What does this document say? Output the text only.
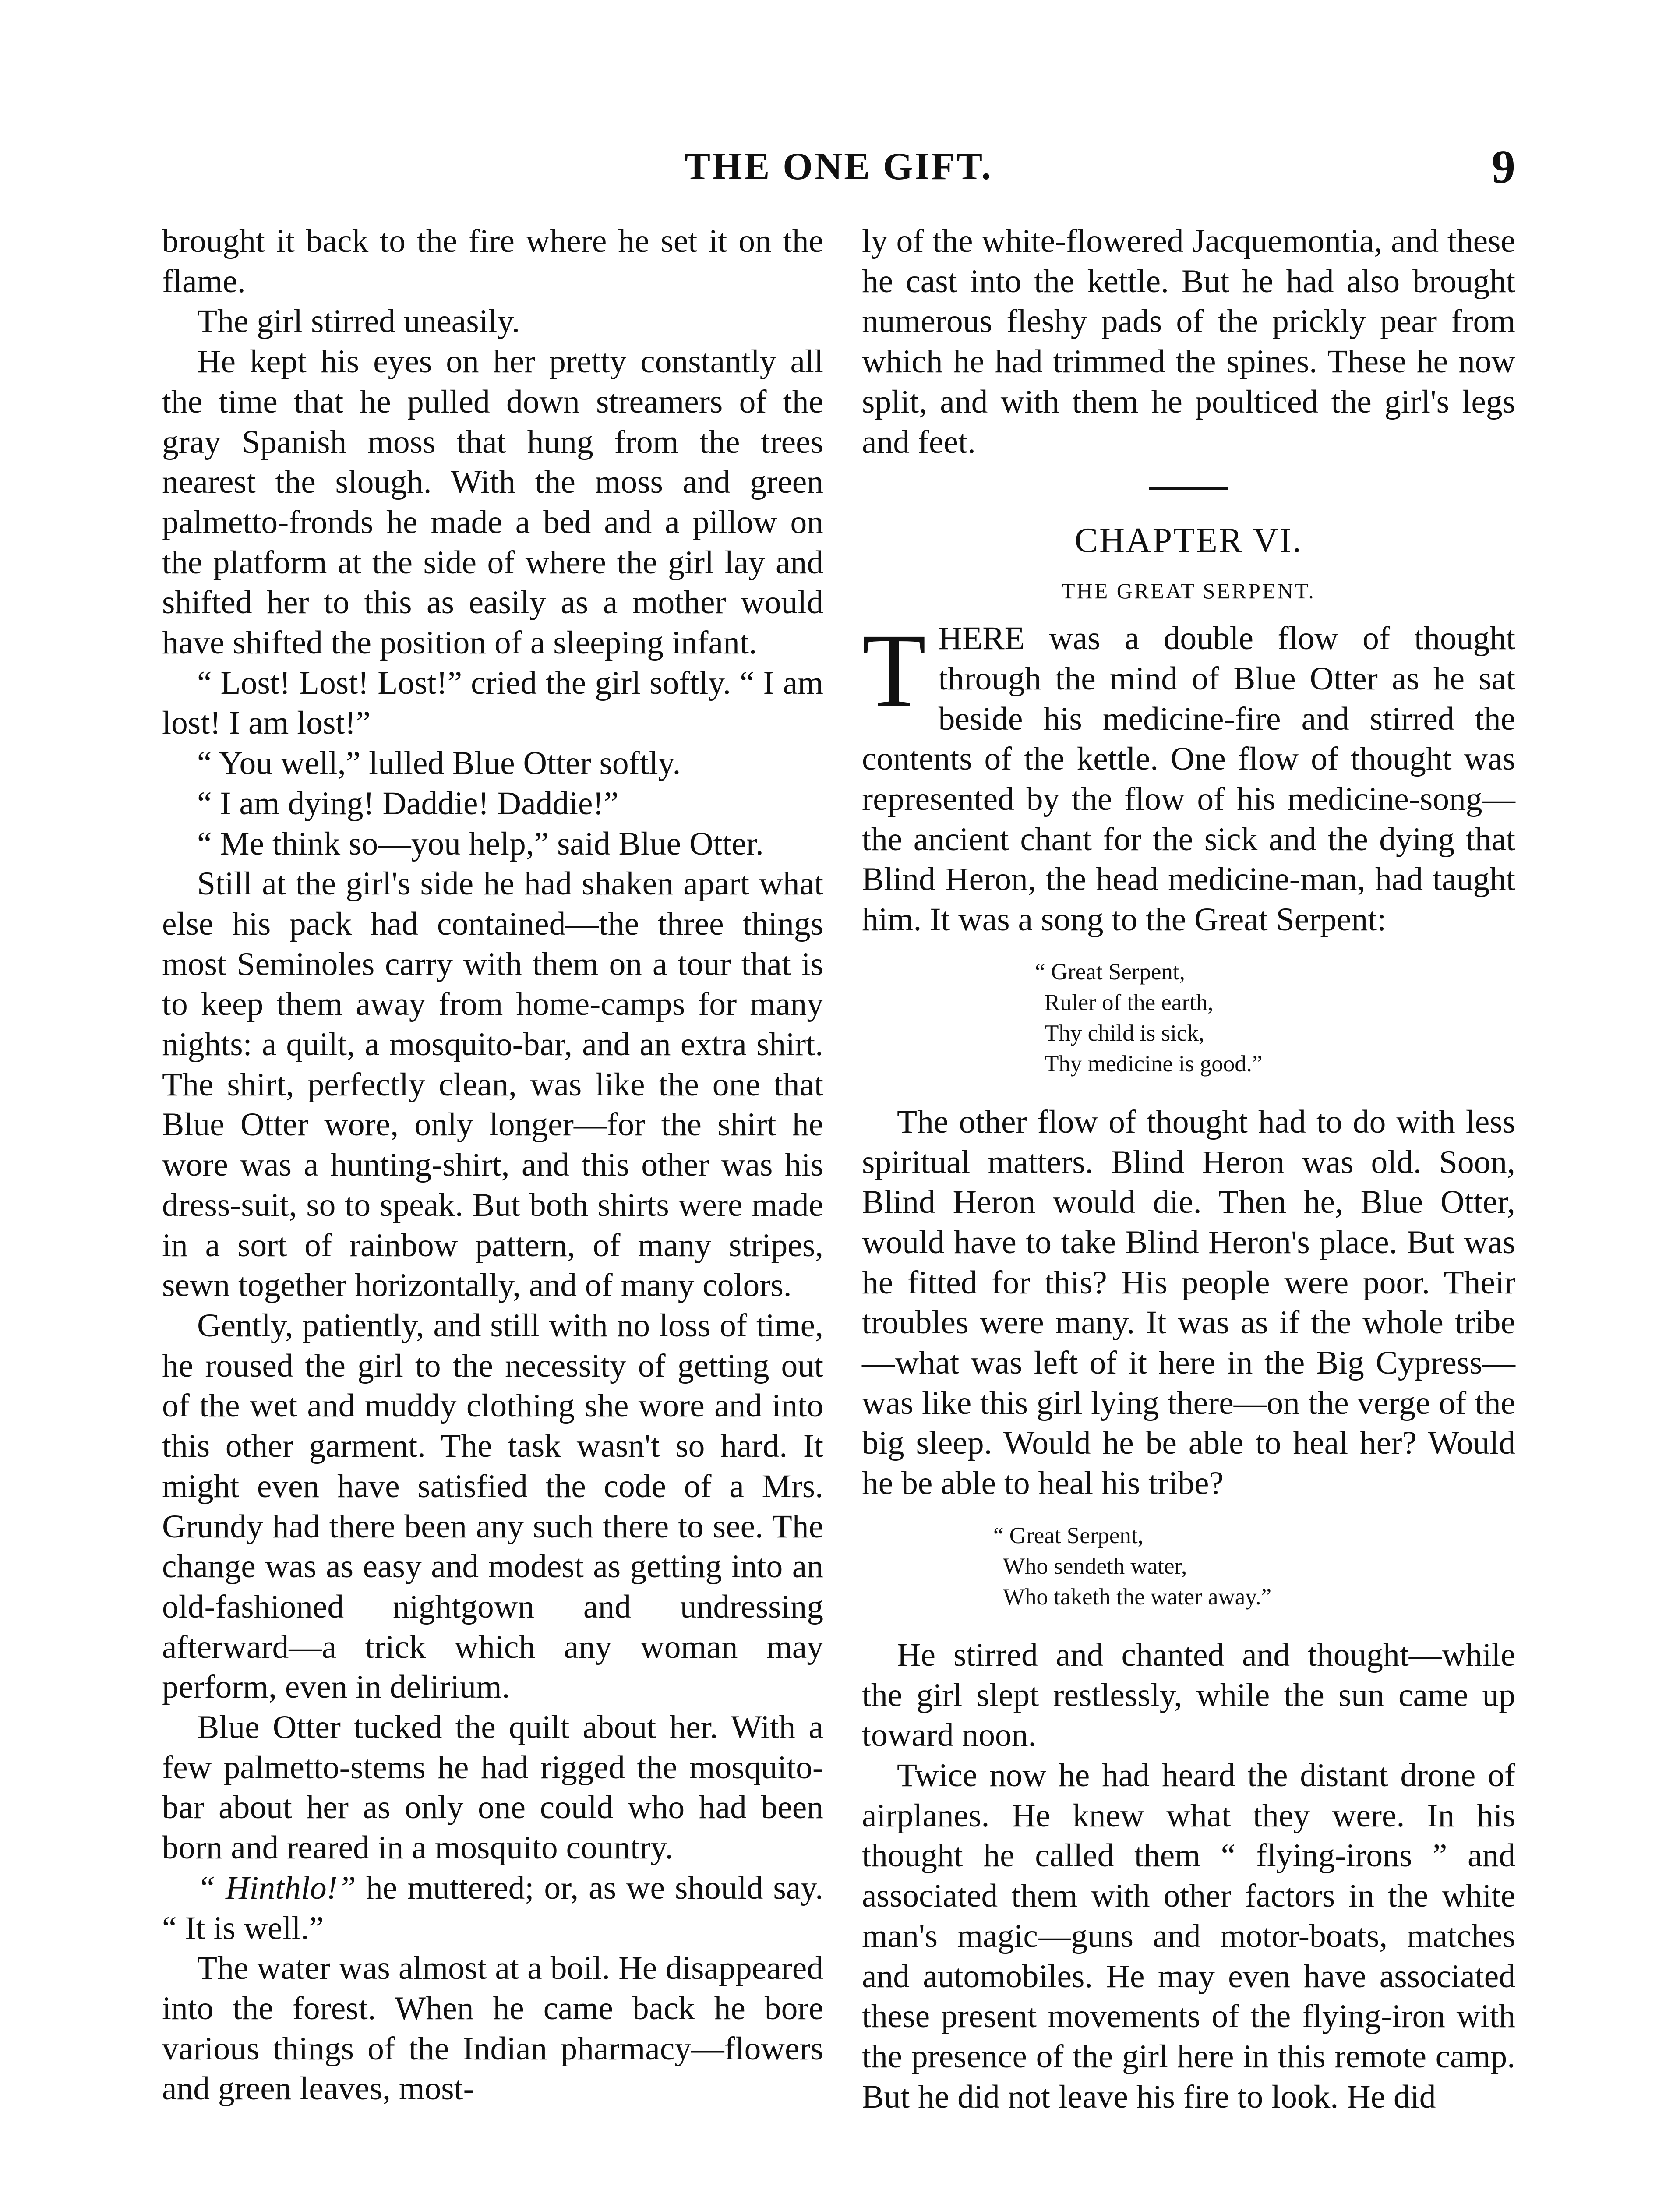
THE ONE GIFT.	9

brought it back to the fire where he set it on the flame.

The girl stirred uneasily.

He kept his eyes on her pretty constantly all the time that he pulled down streamers of the gray Spanish moss that hung from the trees nearest the slough. With the moss and green palmetto-fronds he made a bed and a pillow on the platform at the side of where the girl lay and shifted her to this as easily as a mother would have shifted the position of a sleeping infant.

“ Lost! Lost! Lost!” cried the girl softly. “ I am lost! I am lost!”

“ You well,” lulled Blue Otter softly.

“ I am dying! Daddie! Daddie!”

“ Me think so—you help,” said Blue Otter.

Still at the girl's side he had shaken apart what else his pack had contained—the three things most Seminoles carry with them on a tour that is to keep them away from home-camps for many nights: a quilt, a mosquito-bar, and an extra shirt. The shirt, perfectly clean, was like the one that Blue Otter wore, only longer—for the shirt he wore was a hunting-shirt, and this other was his dress-suit, so to speak. But both shirts were made in a sort of rainbow pattern, of many stripes, sewn together horizontally, and of many colors.

Gently, patiently, and still with no loss of time, he roused the girl to the necessity of getting out of the wet and muddy clothing she wore and into this other garment. The task wasn't so hard. It might even have satisfied the code of a Mrs. Grundy had there been any such there to see. The change was as easy and modest as getting into an old-fashioned nightgown and undressing afterward—a trick which any woman may perform, even in delirium.

Blue Otter tucked the quilt about her. With a few palmetto-stems he had rigged the mosquito-bar about her as only one could who had been born and reared in a mosquito country.

“ Hinthlo!” he muttered; or, as we should say. “ It is well.”

The water was almost at a boil. He disappeared into the forest. When he came back he bore various things of the Indian pharmacy—flowers and green leaves, most-

ly of the white-flowered Jacquemontia, and these he cast into the kettle. But he had also brought numerous fleshy pads of the prickly pear from which he had trimmed the spines. These he now split, and with them he poulticed the girl's legs and feet.

CHAPTER VI.
THE GREAT SERPENT.

THERE was a double flow of thought through the mind of Blue Otter as he sat beside his medicine-fire and stirred the contents of the kettle. One flow of thought was represented by the flow of his medicine-song—the ancient chant for the sick and the dying that Blind Heron, the head medicine-man, had taught him. It was a song to the Great Serpent:

“ Great Serpent,
Ruler of the earth,
Thy child is sick,
Thy medicine is good.”

The other flow of thought had to do with less spiritual matters. Blind Heron was old. Soon, Blind Heron would die. Then he, Blue Otter, would have to take Blind Heron's place. But was he fitted for this? His people were poor. Their troubles were many. It was as if the whole tribe—what was left of it here in the Big Cypress—was like this girl lying there—on the verge of the big sleep. Would he be able to heal her? Would he be able to heal his tribe?

“ Great Serpent,
Who sendeth water,
Who taketh the water away.”

He stirred and chanted and thought—while the girl slept restlessly, while the sun came up toward noon.

Twice now he had heard the distant drone of airplanes. He knew what they were. In his thought he called them “ flying-irons ” and associated them with other factors in the white man's magic—guns and motor-boats, matches and automobiles. He may even have associated these present movements of the flying-iron with the presence of the girl here in this remote camp. But he did not leave his fire to look. He did
